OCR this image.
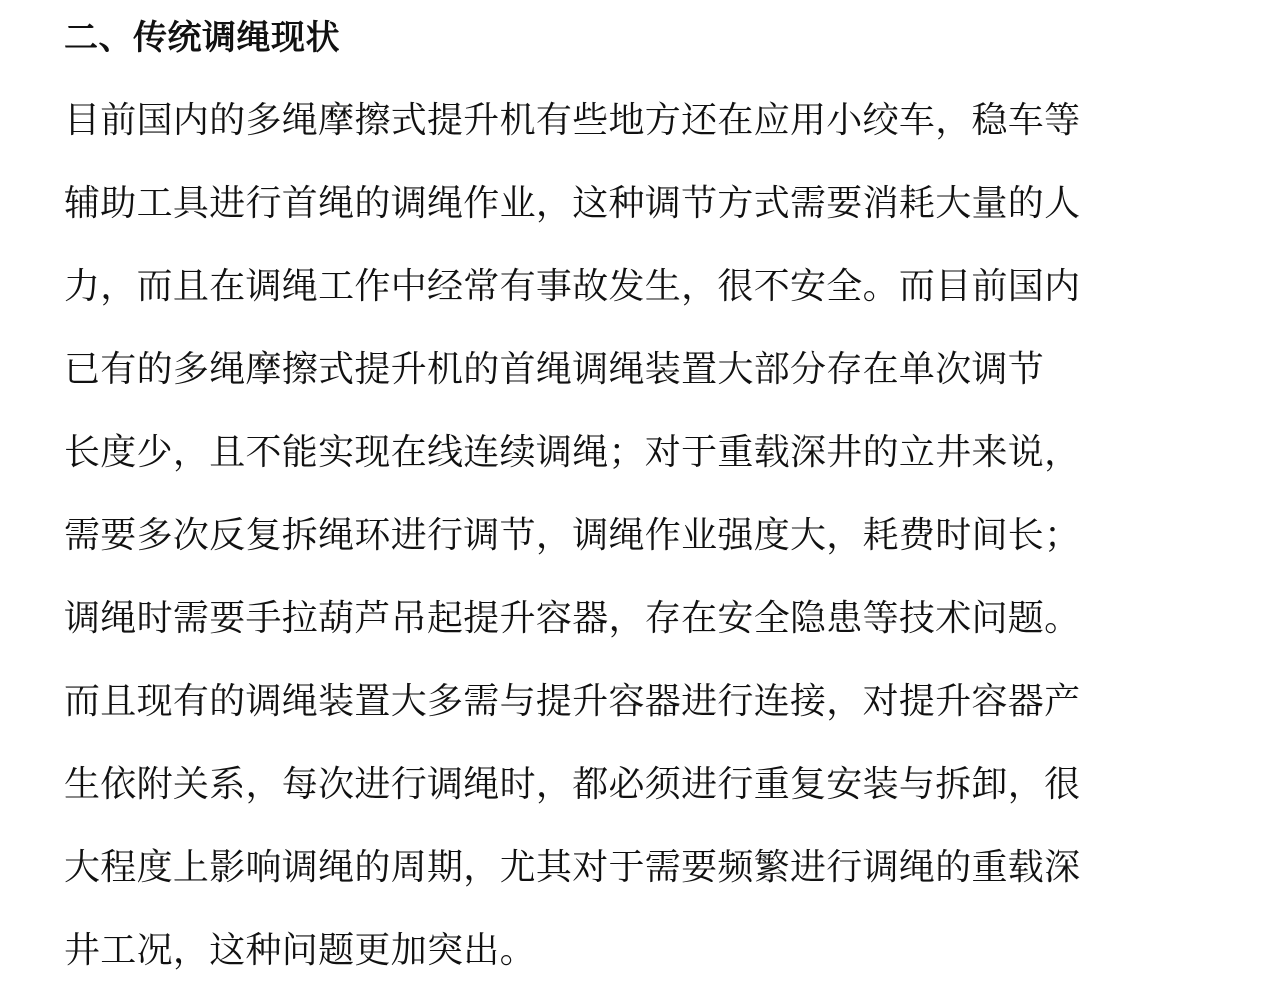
二、传统调绳现状
目前国内的多绳摩擦式提升机有些地方还在应用小绞车，稳车等
辅助工具进行首绳的调绳作业，这种调节方式需要消耗大量的人
力，而且在调绳工作中经常有事故发生，很不安全。而目前国内
已有的多绳摩擦式提升机的首绳调绳装置大部分存在单次调节
长度少，且不能实现在线连续调绳；对于重载深井的立井来说，
需要多次反复拆绳环进行调节，调绳作业强度大，耗费时间长；
调绳时需要手拉葫芦吊起提升容器，存在安全隐患等技术问题。
而且现有的调绳装置大多需与提升容器进行连接，对提升容器产
生依附关系，每次进行调绳时，都必须进行重复安装与拆卸，很
大程度上影响调绳的周期，尤其对于需要频繁进行调绳的重载深
井工况，这种问题更加突出。
